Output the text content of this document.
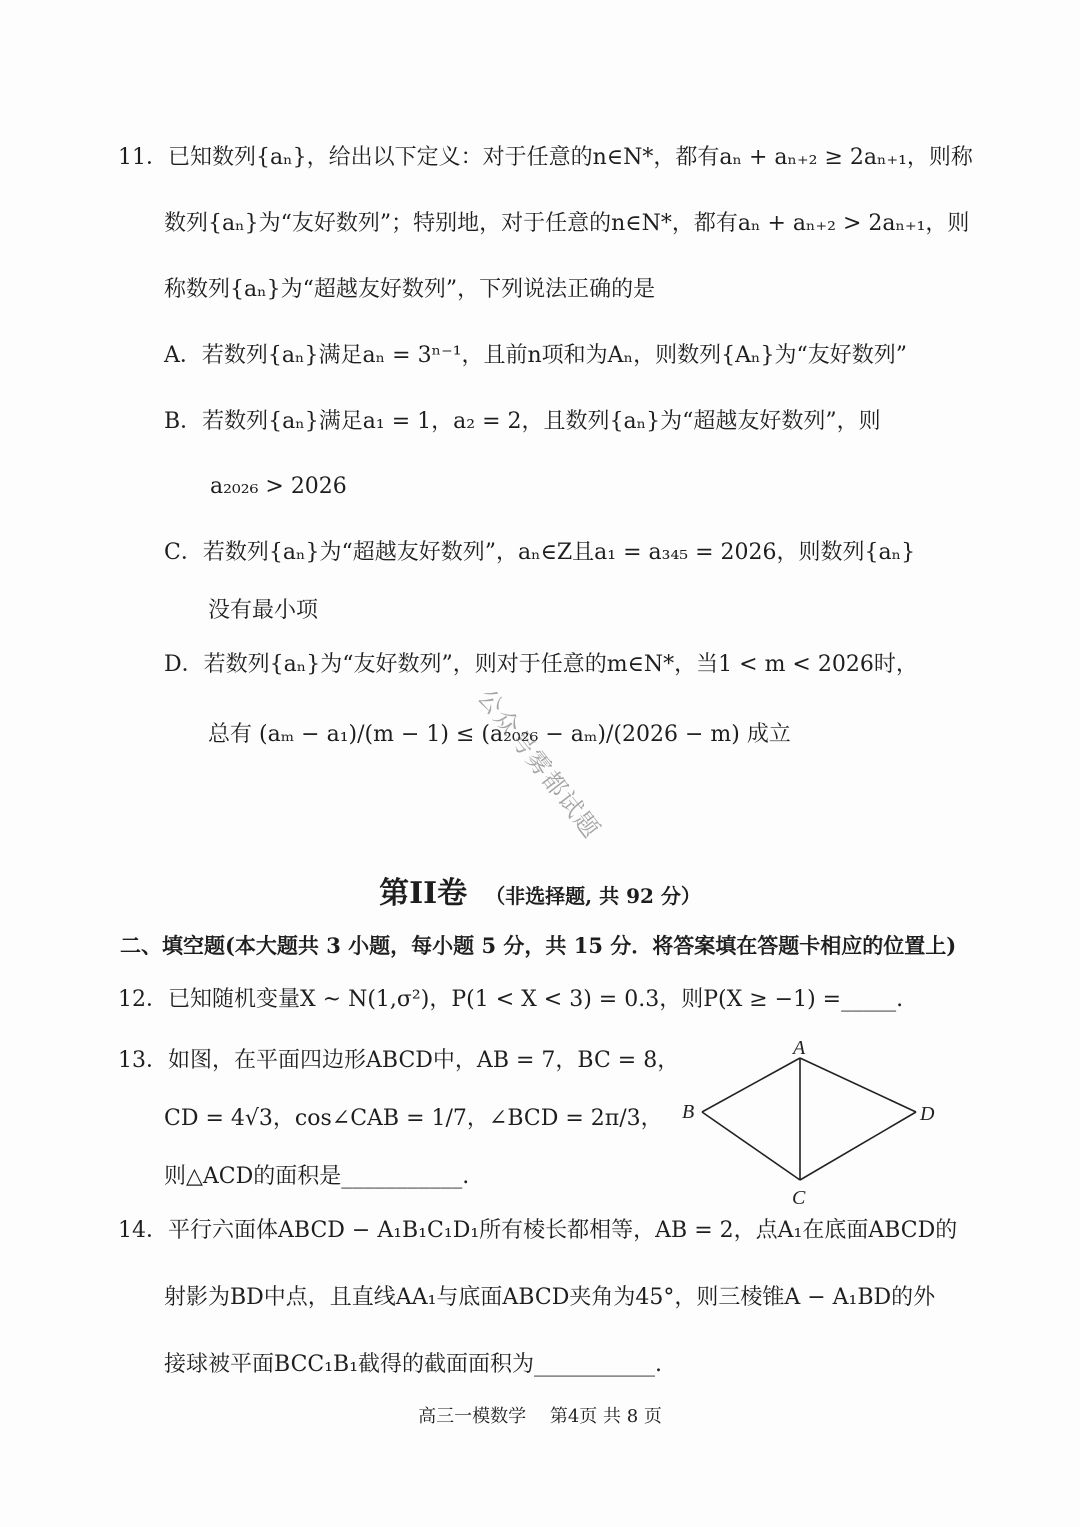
11．已知数列{aₙ}，给出以下定义：对于任意的n∈N*，都有aₙ + aₙ₊₂ ≥ 2aₙ₊₁，则称
数列{aₙ}为“友好数列”；特别地，对于任意的n∈N*，都有aₙ + aₙ₊₂ > 2aₙ₊₁，则
称数列{aₙ}为“超越友好数列”，下列说法正确的是
A．若数列{aₙ}满足aₙ = 3ⁿ⁻¹，且前n项和为Aₙ，则数列{Aₙ}为“友好数列”
B．若数列{aₙ}满足a₁ = 1，a₂ = 2，且数列{aₙ}为“超越友好数列”，则
a₂₀₂₆ > 2026
C．若数列{aₙ}为“超越友好数列”，aₙ∈Z且a₁ = a₃₄₅ = 2026，则数列{aₙ}
没有最小项
D．若数列{aₙ}为“友好数列”，则对于任意的m∈N*，当1 < m < 2026时，
总有 (aₘ − a₁)/(m − 1) ≤ (a₂₀₂₆ − aₘ)/(2026 − m) 成立
公众号雾都试题
第II卷 （非选择题, 共 92 分）
二、填空题(本大题共 3 小题，每小题 5 分，共 15 分．将答案填在答题卡相应的位置上)
12．已知随机变量X ~ N(1,σ²)，P(1 < X < 3) = 0.3，则P(X ≥ −1) =_____.
13．如图，在平面四边形ABCD中，AB = 7，BC = 8，
CD = 4√3，cos∠CAB = 1/7，∠BCD = 2π/3，
则△ACD的面积是___________.
A
B
C
D
14．平行六面体ABCD − A₁B₁C₁D₁所有棱长都相等，AB = 2，点A₁在底面ABCD的
射影为BD中点，且直线AA₁与底面ABCD夹角为45°，则三棱锥A − A₁BD的外
接球被平面BCC₁B₁截得的截面面积为___________.
高三一模数学　 第4页 共 8 页
